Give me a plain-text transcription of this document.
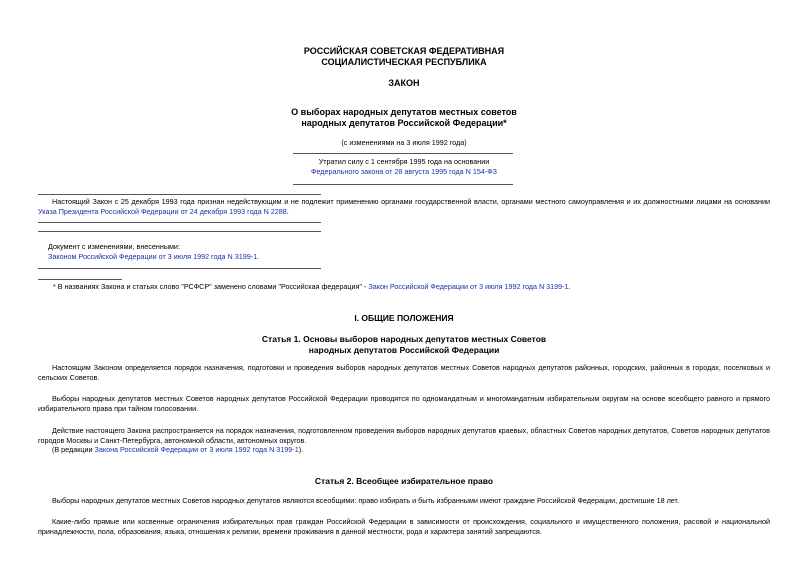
РОССИЙСКАЯ СОВЕТСКАЯ ФЕДЕРАТИВНАЯ
СОЦИАЛИСТИЧЕСКАЯ РЕСПУБЛИКА
ЗАКОН
О выборах народных депутатов местных советов
народных депутатов Российской Федерации*
(с изменениями на 3 июля 1992 года)
Утратил силу с 1 сентября 1995 года на основании
Федерального закона от 28 августа 1995 года N 154-ФЗ
Настоящий Закон с 25 декабря 1993 года признан недействующим и не подлежит применению органами государственной власти, органами местного самоуправления и их должностными лицами на основании Указа Президента Российской Федерации от 24 декабря 1993 года N 2288.
Документ с изменениями, внесенными:
Законом Российской Федерации от 3 июля 1992 года N 3199-1.
* В названиях Закона и статьях слово "РСФСР" заменено словами "Российская федерация" - Закон Российской Федерации от 3 июля 1992 года N 3199-1.
I. ОБЩИЕ ПОЛОЖЕНИЯ
Статья 1. Основы выборов народных депутатов местных Советов
народных депутатов Российской Федерации
Настоящим Законом определяется порядок назначения, подготовки и проведения выборов народных депутатов местных Советов народных депутатов районных, городских, районных в городах, поселковых и сельских Советов.
Выборы народных депутатов местных Советов народных депутатов Российской Федерации проводятся по одномандатным и многомандатным избирательным округам на основе всеобщего равного и прямого избирательного права при тайном голосовании.
Действие настоящего Закона распространяется на порядок назначения, подготовленном проведения выборов народных депутатов краевых, областных Советов народных депутатов, Советов народных депутатов городов Москвы и Санкт-Петербурга, автономной области, автономных округов.
(В редакции Закона Российской Федерации от 3 июля 1992 года N 3199-1).
Статья 2. Всеобщее избирательное право
Выборы народных депутатов местных Советов народных депутатов являются всеобщими: право избирать и быть избранными имеют граждане Российской Федерации, достигшие 18 лет.
Какие-либо прямые или косвенные ограничения избирательных прав граждан Российской Федерации в зависимости от происхождения, социального и имущественного положения, расовой и национальной принадлежности, пола, образования, языка, отношения к религии, времени проживания в данной местности, рода и характера занятий запрещаются.
